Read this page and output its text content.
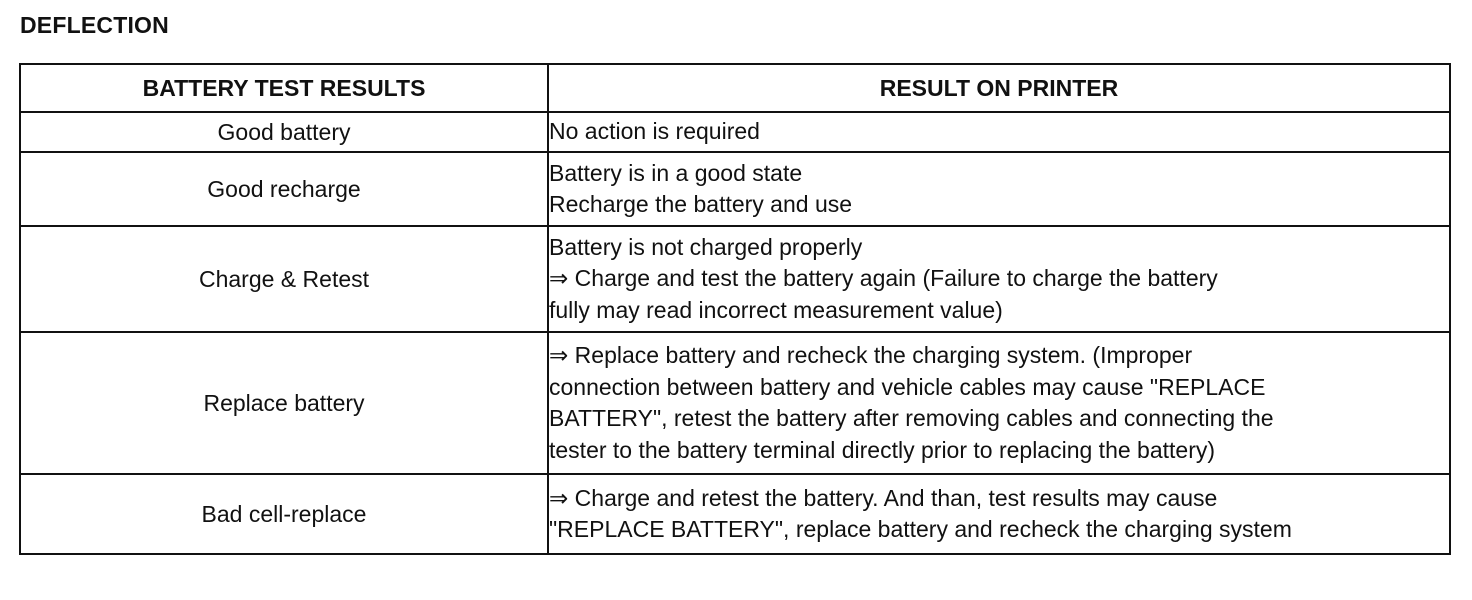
DEFLECTION
BATTERY TEST RESULTS	RESULT ON PRINTER
Good battery	No action is required

Good recharge	Battery is in a good state
Recharge the battery and use

Charge & Retest	Battery is not charged properly
⇒ Charge and test the battery again (Failure to charge the battery
fully may read incorrect measurement value)

Replace battery	⇒ Replace battery and recheck the charging system. (Improper
connection between battery and vehicle cables may cause "REPLACE
BATTERY", retest the battery after removing cables and connecting the
tester to the battery terminal directly prior to replacing the battery)

Bad cell-replace	⇒ Charge and retest the battery. And than, test results may cause
"REPLACE BATTERY", replace battery and recheck the charging system
